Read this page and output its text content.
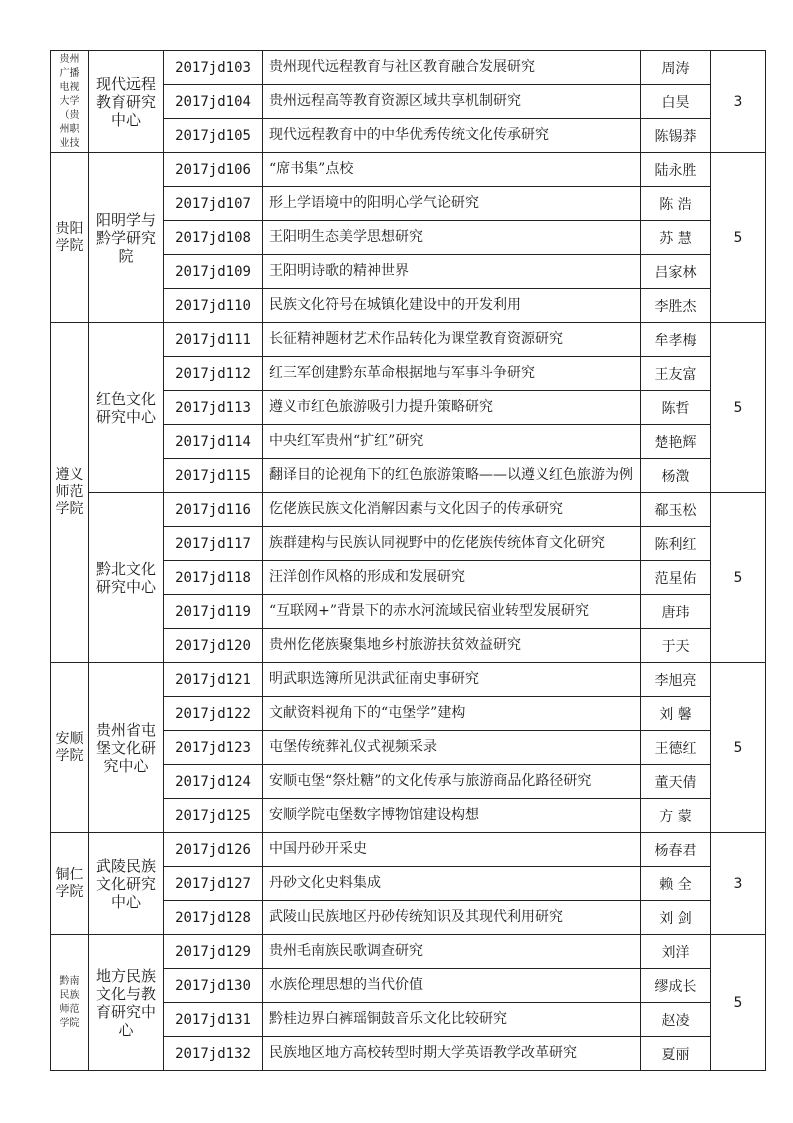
贵州广播电视大学（贵州职业技	现代远程教育研究中心	2017jd103	贵州现代远程教育与社区教育融合发展研究	周涛	3
		2017jd104	贵州远程高等教育资源区域共享机制研究	白昊	
		2017jd105	现代远程教育中的中华优秀传统文化传承研究	陈锡莽	
贵阳学院	阳明学与黔学研究院	2017jd106	“席书集”点校	陆永胜	5
		2017jd107	形上学语境中的阳明心学气论研究	陈 浩	
		2017jd108	王阳明生态美学思想研究	苏 慧	
		2017jd109	王阳明诗歌的精神世界	吕家林	
		2017jd110	民族文化符号在城镇化建设中的开发利用	李胜杰	
遵义师范学院	红色文化研究中心	2017jd111	长征精神题材艺术作品转化为课堂教育资源研究	牟孝梅	5
		2017jd112	红三军创建黔东革命根据地与军事斗争研究	王友富	
		2017jd113	遵义市红色旅游吸引力提升策略研究	陈哲	
		2017jd114	中央红军贵州“扩红”研究	楚艳辉	
		2017jd115	翻译目的论视角下的红色旅游策略——以遵义红色旅游为例	杨澂	
	黔北文化研究中心	2017jd116	仡佬族民族文化消解因素与文化因子的传承研究	郗玉松	5
		2017jd117	族群建构与民族认同视野中的仡佬族传统体育文化研究	陈利红	
		2017jd118	汪洋创作风格的形成和发展研究	范星佑	
		2017jd119	“互联网+”背景下的赤水河流域民宿业转型发展研究	唐玮	
		2017jd120	贵州仡佬族聚集地乡村旅游扶贫效益研究	于天	
安顺学院	贵州省屯堡文化研究中心	2017jd121	明武职选簿所见洪武征南史事研究	李旭亮	5
		2017jd122	文献资料视角下的“屯堡学”建构	刘 馨	
		2017jd123	屯堡传统葬礼仪式视频采录	王德红	
		2017jd124	安顺屯堡“祭灶糖”的文化传承与旅游商品化路径研究	董天倩	
		2017jd125	安顺学院屯堡数字博物馆建设构想	方 蒙	
铜仁学院	武陵民族文化研究中心	2017jd126	中国丹砂开采史	杨春君	3
		2017jd127	丹砂文化史料集成	赖 全	
		2017jd128	武陵山民族地区丹砂传统知识及其现代利用研究	刘 剑	
黔南民族师范学院	地方民族文化与教育研究中心	2017jd129	贵州毛南族民歌调查研究	刘洋	5
		2017jd130	水族伦理思想的当代价值	缪成长	
		2017jd131	黔桂边界白裤瑶铜鼓音乐文化比较研究	赵凌	
		2017jd132	民族地区地方高校转型时期大学英语教学改革研究	夏丽	
